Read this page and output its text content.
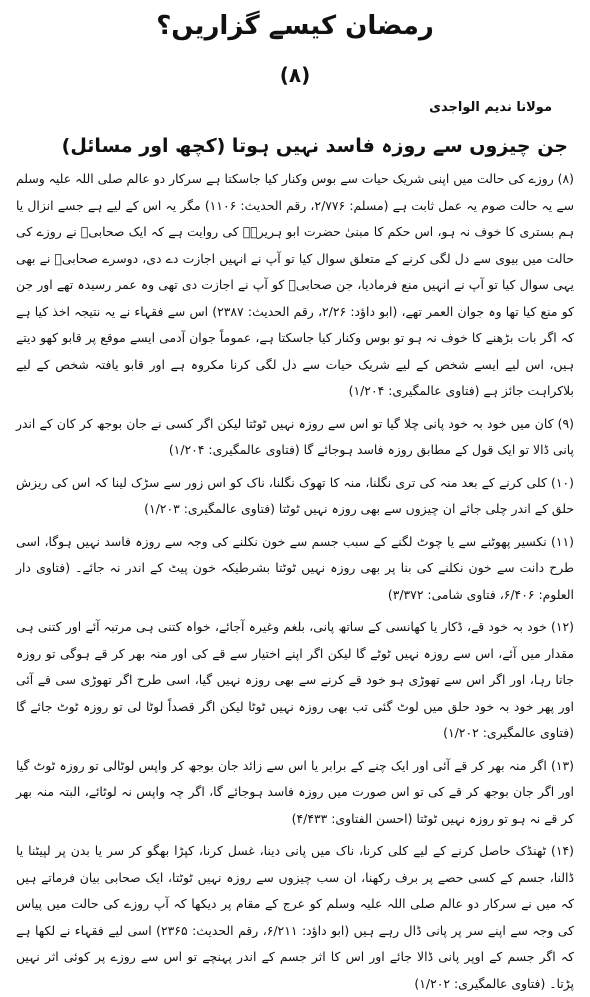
رمضان کیسے گزاریں؟
(۸)
مولانا ندیم الواجدی
جن چیزوں سے روزہ فاسد نہیں ہوتا (کچھ اور مسائل)

(۸) روزے کی حالت میں اپنی شریک حیات سے بوس وکنار کیا جاسکتا ہے سرکار دو عالم صلی اللہ علیہ وسلم سے یہ حالت صوم یہ عمل ثابت ہے (مسلم: ۲/۷۷۶، رقم الحدیث: ۱۱۰۶) مگر یہ اس کے لیے ہے جسے انزال یا ہم بستری کا خوف نہ ہو، اس حکم کا مبنیٰ حضرت ابو ہریرہؓ کی روایت ہے کہ ایک صحابیؓ نے روزے کی حالت میں بیوی سے دل لگی کرنے کے متعلق سوال کیا تو آپ نے انہیں اجازت دے دی، دوسرے صحابیؓ نے بھی یہی سوال کیا تو آپ نے انہیں منع فرمادیا، جن صحابیؓ کو آپ نے اجازت دی تھی وہ عمر رسیدہ تھے اور جن کو منع کیا تھا وہ جوان العمر تھے، (ابو داؤد: ۲/۲۶، رقم الحدیث: ۲۳۸۷) اس سے فقہاء نے یہ نتیجہ اخذ کیا ہے کہ اگر بات بڑھنے کا خوف نہ ہو تو بوس وکنار کیا جاسکتا ہے، عموماً جوان آدمی ایسے موقع پر قابو کھو دیتے ہیں، اس لیے ایسے شخص کے لیے شریک حیات سے دل لگی کرنا مکروہ ہے اور قابو یافتہ شخص کے لیے بلاکراہت جائز ہے (فتاوی عالمگیری: ۱/۲۰۴)

(۹) کان میں خود بہ خود پانی چلا گیا تو اس سے روزہ نہیں ٹوٹتا لیکن اگر کسی نے جان بوجھ کر کان کے اندر پانی ڈالا تو ایک قول کے مطابق روزہ فاسد ہوجائے گا (فتاوی عالمگیری: ۱/۲۰۴)

(۱۰) کلی کرنے کے بعد منہ کی تری نگلنا، منہ کا تھوک نگلنا، ناک کو اس زور سے سڑک لینا کہ اس کی ریزش حلق کے اندر چلی جائے ان چیزوں سے بھی روزہ نہیں ٹوٹتا (فتاوی عالمگیری: ۱/۲۰۳)

(۱۱) نکسیر پھوٹنے سے یا چوٹ لگنے کے سبب جسم سے خون نکلنے کی وجہ سے روزہ فاسد نہیں ہوگا، اسی طرح دانت سے خون نکلنے کی بنا پر بھی روزہ نہیں ٹوٹتا بشرطیکہ خون پیٹ کے اندر نہ جائے۔ (فتاوی دار العلوم: ۶/۴۰۶، فتاوی شامی: ۳/۳۷۲)

(۱۲) خود بہ خود قے، ڈکار یا کھانسی کے ساتھ پانی، بلغم وغیرہ آجائے، خواہ کتنی ہی مرتبہ آئے اور کتنی ہی مقدار میں آئے، اس سے روزہ نہیں ٹوٹے گا لیکن اگر اپنے اختیار سے قے کی اور منہ بھر کر قے ہوگی تو روزہ جاتا رہا، اور اگر اس سے تھوڑی ہو خود قے کرنے سے بھی روزہ نہیں گیا، اسی طرح اگر تھوڑی سی قے آئی اور پھر خود بہ خود حلق میں لوٹ گئی تب بھی روزہ نہیں ٹوٹا لیکن اگر قصداً لوٹا لی تو روزہ ٹوٹ جائے گا (فتاوی عالمگیری: ۱/۲۰۲)

(۱۳) اگر منہ بھر کر قے آئی اور ایک چنے کے برابر یا اس سے زائد جان بوجھ کر واپس لوٹالی تو روزہ ٹوٹ گیا اور اگر جان بوجھ کر قے کی تو اس صورت میں روزہ فاسد ہوجائے گا، اگر چہ واپس نہ لوٹائے، البتہ منہ بھر کر قے نہ ہو تو روزہ نہیں ٹوٹتا (احسن الفتاوی: ۴/۴۳۳)

(۱۴) ٹھنڈک حاصل کرنے کے لیے کلی کرنا، ناک میں پانی دینا، غسل کرنا، کپڑا بھگو کر سر یا بدن پر لپیٹنا یا ڈالنا، جسم کے کسی حصے پر برف رکھنا، ان سب چیزوں سے روزہ نہیں ٹوٹتا، ایک صحابی بیان فرماتے ہیں کہ میں نے سرکار دو عالم صلی اللہ علیہ وسلم کو عرج کے مقام پر دیکھا کہ آپ روزے کی حالت میں پیاس کی وجہ سے اپنے سر پر پانی ڈال رہے ہیں (ابو داؤد: ۶/۲۱۱، رقم الحدیث: ۲۳۶۵) اسی لیے فقہاء نے لکھا ہے کہ اگر جسم کے اوپر پانی ڈالا جائے اور اس کا اثر جسم کے اندر پہنچے تو اس سے روزے پر کوئی اثر نہیں پڑتا۔ (فتاوی عالمگیری: ۱/۲۰۲)
